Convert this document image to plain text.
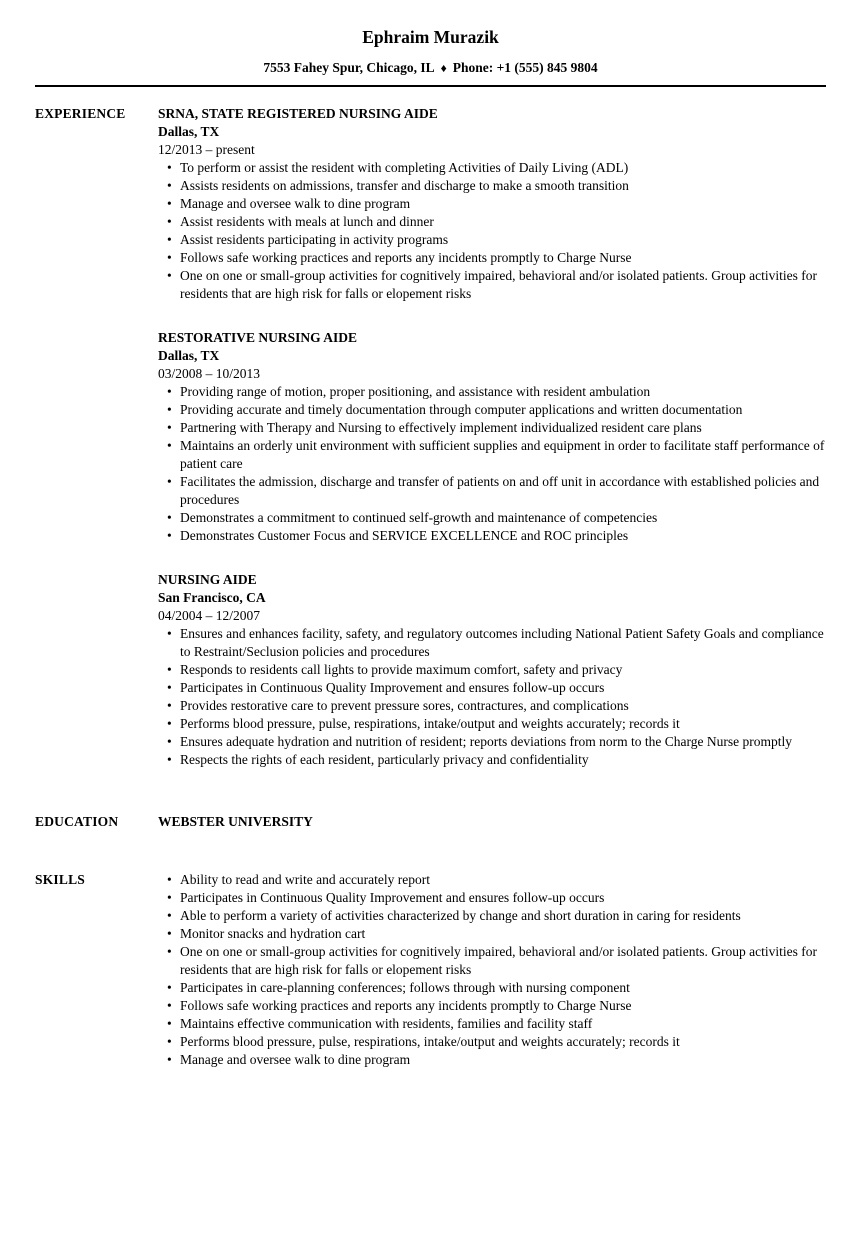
Ephraim Murazik
7553 Fahey Spur, Chicago, IL ♦ Phone: +1 (555) 845 9804
EXPERIENCE	SRNA, STATE REGISTERED NURSING AIDE
Dallas, TX
12/2013 – present
• To perform or assist the resident with completing Activities of Daily Living (ADL)
• Assists residents on admissions, transfer and discharge to make a smooth transition
• Manage and oversee walk to dine program
• Assist residents with meals at lunch and dinner
• Assist residents participating in activity programs
• Follows safe working practices and reports any incidents promptly to Charge Nurse
• One on one or small-group activities for cognitively impaired, behavioral and/or isolated patients. Group activities for residents that are high risk for falls or elopement risks
RESTORATIVE NURSING AIDE
Dallas, TX
03/2008 – 10/2013
• Providing range of motion, proper positioning, and assistance with resident ambulation
• Providing accurate and timely documentation through computer applications and written documentation
• Partnering with Therapy and Nursing to effectively implement individualized resident care plans
• Maintains an orderly unit environment with sufficient supplies and equipment in order to facilitate staff performance of patient care
• Facilitates the admission, discharge and transfer of patients on and off unit in accordance with established policies and procedures
• Demonstrates a commitment to continued self-growth and maintenance of competencies
• Demonstrates Customer Focus and SERVICE EXCELLENCE and ROC principles
NURSING AIDE
San Francisco, CA
04/2004 – 12/2007
• Ensures and enhances facility, safety, and regulatory outcomes including National Patient Safety Goals and compliance to Restraint/Seclusion policies and procedures
• Responds to residents call lights to provide maximum comfort, safety and privacy
• Participates in Continuous Quality Improvement and ensures follow-up occurs
• Provides restorative care to prevent pressure sores, contractures, and complications
• Performs blood pressure, pulse, respirations, intake/output and weights accurately; records it
• Ensures adequate hydration and nutrition of resident; reports deviations from norm to the Charge Nurse promptly
• Respects the rights of each resident, particularly privacy and confidentiality
EDUCATION	WEBSTER UNIVERSITY
SKILLS	• Ability to read and write and accurately report
• Participates in Continuous Quality Improvement and ensures follow-up occurs
• Able to perform a variety of activities characterized by change and short duration in caring for residents
• Monitor snacks and hydration cart
• One on one or small-group activities for cognitively impaired, behavioral and/or isolated patients. Group activities for residents that are high risk for falls or elopement risks
• Participates in care-planning conferences; follows through with nursing component
• Follows safe working practices and reports any incidents promptly to Charge Nurse
• Maintains effective communication with residents, families and facility staff
• Performs blood pressure, pulse, respirations, intake/output and weights accurately; records it
• Manage and oversee walk to dine program
